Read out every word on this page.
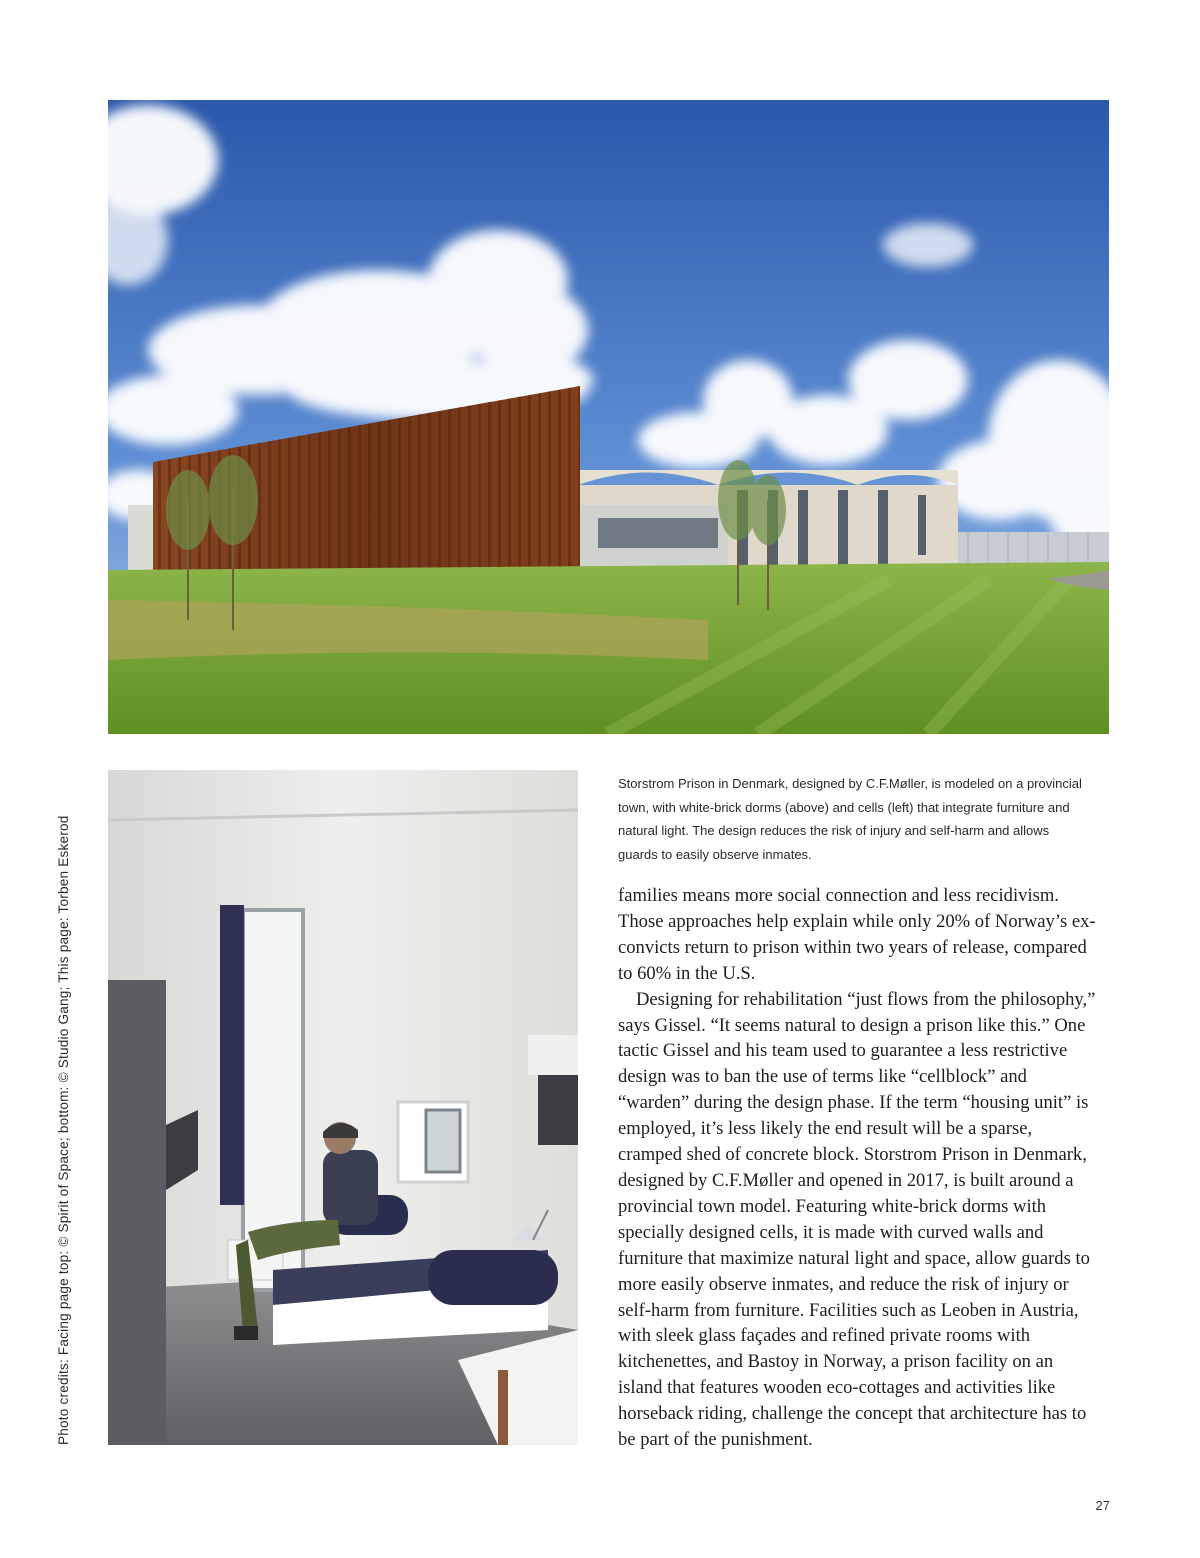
Photo credits: Facing page top: © Spirit of Space; bottom: © Studio Gang; This page: Torben Eskerod
Storstrom Prison in Denmark, designed by C.F.Møller, is modeled on a provincial town, with white-brick dorms (above) and cells (left) that integrate furniture and natural light. The design reduces the risk of injury and self-harm and allows guards to easily observe inmates.

families means more social connection and less recidivism. Those approaches help explain while only 20% of Norway’s ex-convicts return to prison within two years of release, compared to 60% in the U.S.

Designing for rehabilitation “just flows from the philosophy,” says Gissel. “It seems natural to design a prison like this.” One tactic Gissel and his team used to guarantee a less restrictive design was to ban the use of terms like “cellblock” and “warden” during the design phase. If the term “housing unit” is employed, it’s less likely the end result will be a sparse, cramped shed of concrete block. Storstrom Prison in Denmark, designed by C.F.Møller and opened in 2017, is built around a provincial town model. Featuring white-brick dorms with specially designed cells, it is made with curved walls and furniture that maximize natural light and space, allow guards to more easily observe inmates, and reduce the risk of injury or self-harm from furniture. Facilities such as Leoben in Austria, with sleek glass façades and refined private rooms with kitchenettes, and Bastoy in Norway, a prison facility on an island that features wooden eco-cottages and activities like horseback riding, challenge the concept that architecture has to be part of the punishment.

27
